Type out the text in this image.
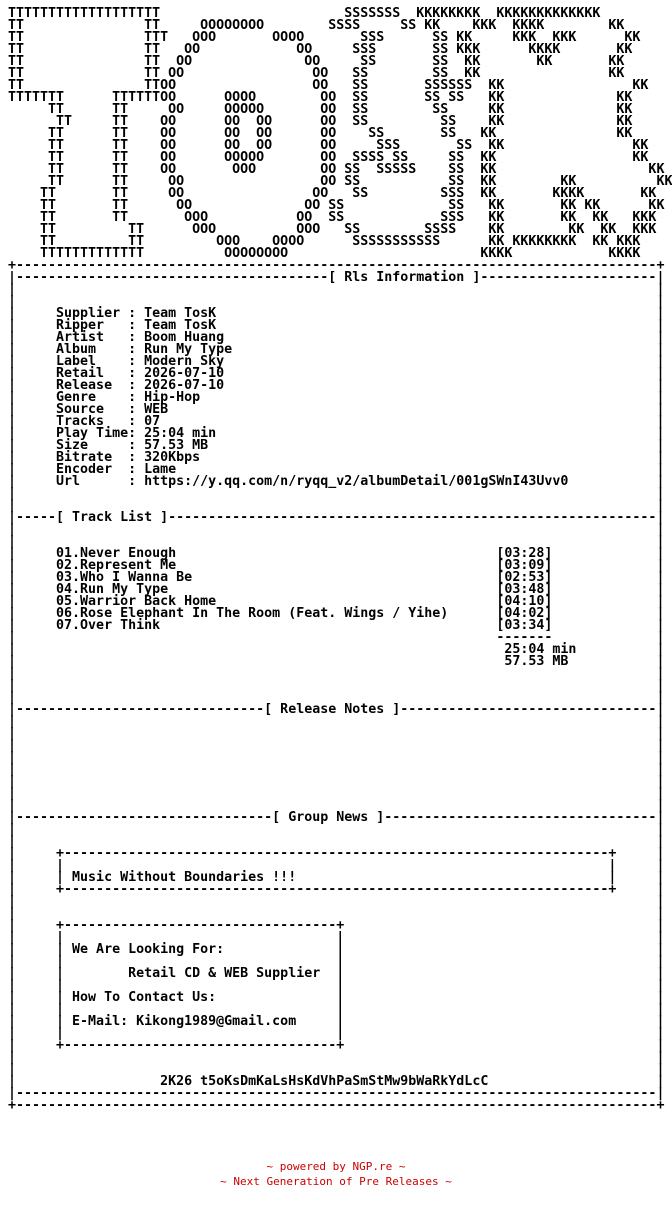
TTTTTTTTTTTTTTTTTTT                       SSSSSSS  KKKKKKKK  KKKKKKKKKKKKK
TT               TT     OOOOOOOO        SSSS     SS KK    KKK  KKKK        KK
TT               TTT   OOO       OOOO       SSS      SS KK     KKK  KKK      KK
TT               TT   OO            OO     SSS       SS KKK      KKKK       KK
TT               TT  OO              OO     SS       SS  KK       KK       KK
TT               TT OO                OO   SS        SS  KK                KK
TT               TTOO                 OO   SS       SSSSSS  KK                KK
TTTTTTT      TTTTTTOO      OOOO        OO  SS       SS SS   KK              KK
TT      TT     OO     OOOOO       OO  SS        SS     KK              KK
TT     TT    OO      OO  OO      OO  SS         SS    KK              KK
TT      TT    OO      OO  OO      OO    SS       SS   KK               KK
TT      TT    OO      OO  OO      OO     SSS       SS  KK                KK
TT      TT    OO      OOOOO       OO  SSSS SS     SS  KK                 KK
TT      TT    OO       OOO        OO SS  SSSSS    SS  KK                   KK
TT      TT     OO                 OO SS           SS  KK        KK          KK
TT       TT     OO                OO   SS         SSS  KK       KKKK       KK
TT       TT      OO              OO SS             SS   KK       KK KK      KK
TT       TT       OOO           OO  SS            SSS   KK       KK  KK   KKK
TT         TT      OOO          OOO   SS        SSSS    KK        KK  KK  KKK
TT         TT         OOO    OOOO      SSSSSSSSSSS      KK KKKKKKKK  KK KKK
TTTTTTTTTTTTT          OOOOOOOO                        KKKK            KKKK
+--------------------------------------------------------------------------------+
|---------------------------------------[ Rls Information ]----------------------|
|                                                                                |
|                                                                                |
|     Supplier : Team TosK                                                       |
|     Ripper   : Team TosK                                                       |
|     Artist   : Boom Huang                                                      |
|     Album    : Run My Type                                                     |
|     Label    : Modern Sky                                                      |
|     Retail   : 2026-07-10                                                      |
|     Release  : 2026-07-10                                                      |
|     Genre    : Hip-Hop                                                         |
|     Source   : WEB                                                             |
|     Tracks   : 07                                                              |
|     Play Time: 25:04 min                                                       |
|     Size     : 57.53 MB                                                        |
|     Bitrate  : 320Kbps                                                         |
|     Encoder  : Lame                                                            |
|     Url      : https://y.qq.com/n/ryqq_v2/albumDetail/001gSWnI43Uvv0           |
|                                                                                |
|                                                                                |
|-----[ Track List ]-------------------------------------------------------------|
|                                                                                |
|                                                                                |
|     01.Never Enough                                        [03:28]             |
|     02.Represent Me                                        [03:09]             |
|     03.Who I Wanna Be                                      [02:53]             |
|     04.Run My Type                                         [03:48]             |
|     05.Warrior Back Home                                   [04:10]             |
|     06.Rose Elephant In The Room (Feat. Wings / Yihe)      [04:02]             |
|     07.Over Think                                          [03:34]             |
|                                                            -------             |
|                                                             25:04 min          |
|                                                             57.53 MB           |
|                                                                                |
|                                                                                |
|                                                                                |
|-------------------------------[ Release Notes ]--------------------------------|
|                                                                                |
|                                                                                |
|                                                                                |
|                                                                                |
|                                                                                |
|                                                                                |
|                                                                                |
|                                                                                |
|--------------------------------[ Group News ]----------------------------------|
|                                                                                |
|                                                                                |
|     +--------------------------------------------------------------------+     |
|     |                                                                    |     |
|     | Music Without Boundaries !!!                                       |     |
|     +--------------------------------------------------------------------+     |
|                                                                                |
|                                                                                |
|     +----------------------------------+                                       |
|     |                                  |                                       |
|     | We Are Looking For:              |                                       |
|     |                                  |                                       |
|     |        Retail CD & WEB Supplier  |                                       |
|     |                                  |                                       |
|     | How To Contact Us:               |                                       |
|     |                                  |                                       |
|     | E-Mail: Kikong1989@Gmail.com     |                                       |
|     |                                  |                                       |
|     +----------------------------------+                                       |
|                                                                                |
|                                                                                |
|                  2K26 t5oKsDmKaLsHsKdVhPaSmStMw9bWaRkYdLcC                     |
|--------------------------------------------------------------------------------|
+--------------------------------------------------------------------------------+

~ powered by NGP.re ~
~ Next Generation of Pre Releases ~
